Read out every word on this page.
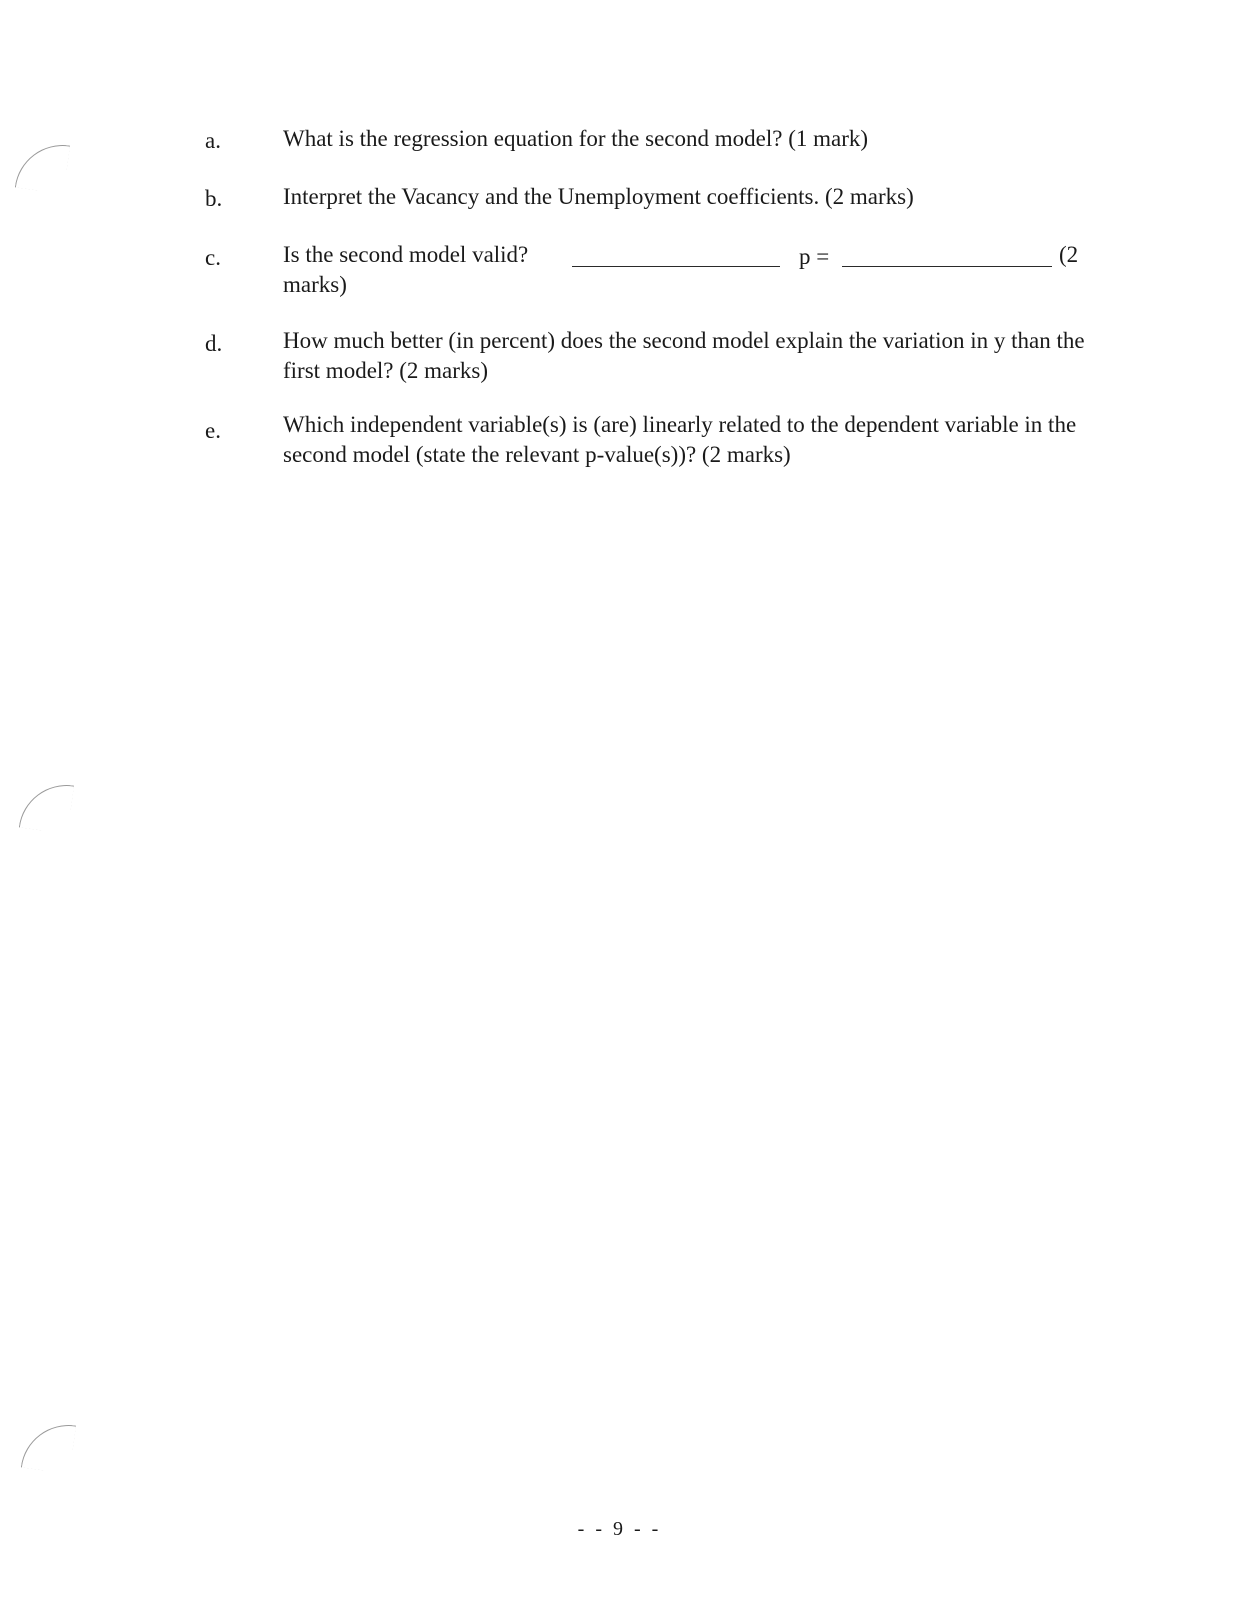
a.	What is the regression equation for the second model? (1 mark)
b.	Interpret the Vacancy and the Unemployment coefficients. (2 marks)
c.	Is the second model valid?	p =	(2
marks)
d.	How much better (in percent) does the second model explain the variation in y than the first model? (2 marks)
e.	Which independent variable(s) is (are) linearly related to the dependent variable in the second model (state the relevant p-value(s))? (2 marks)
- - 9 - -
